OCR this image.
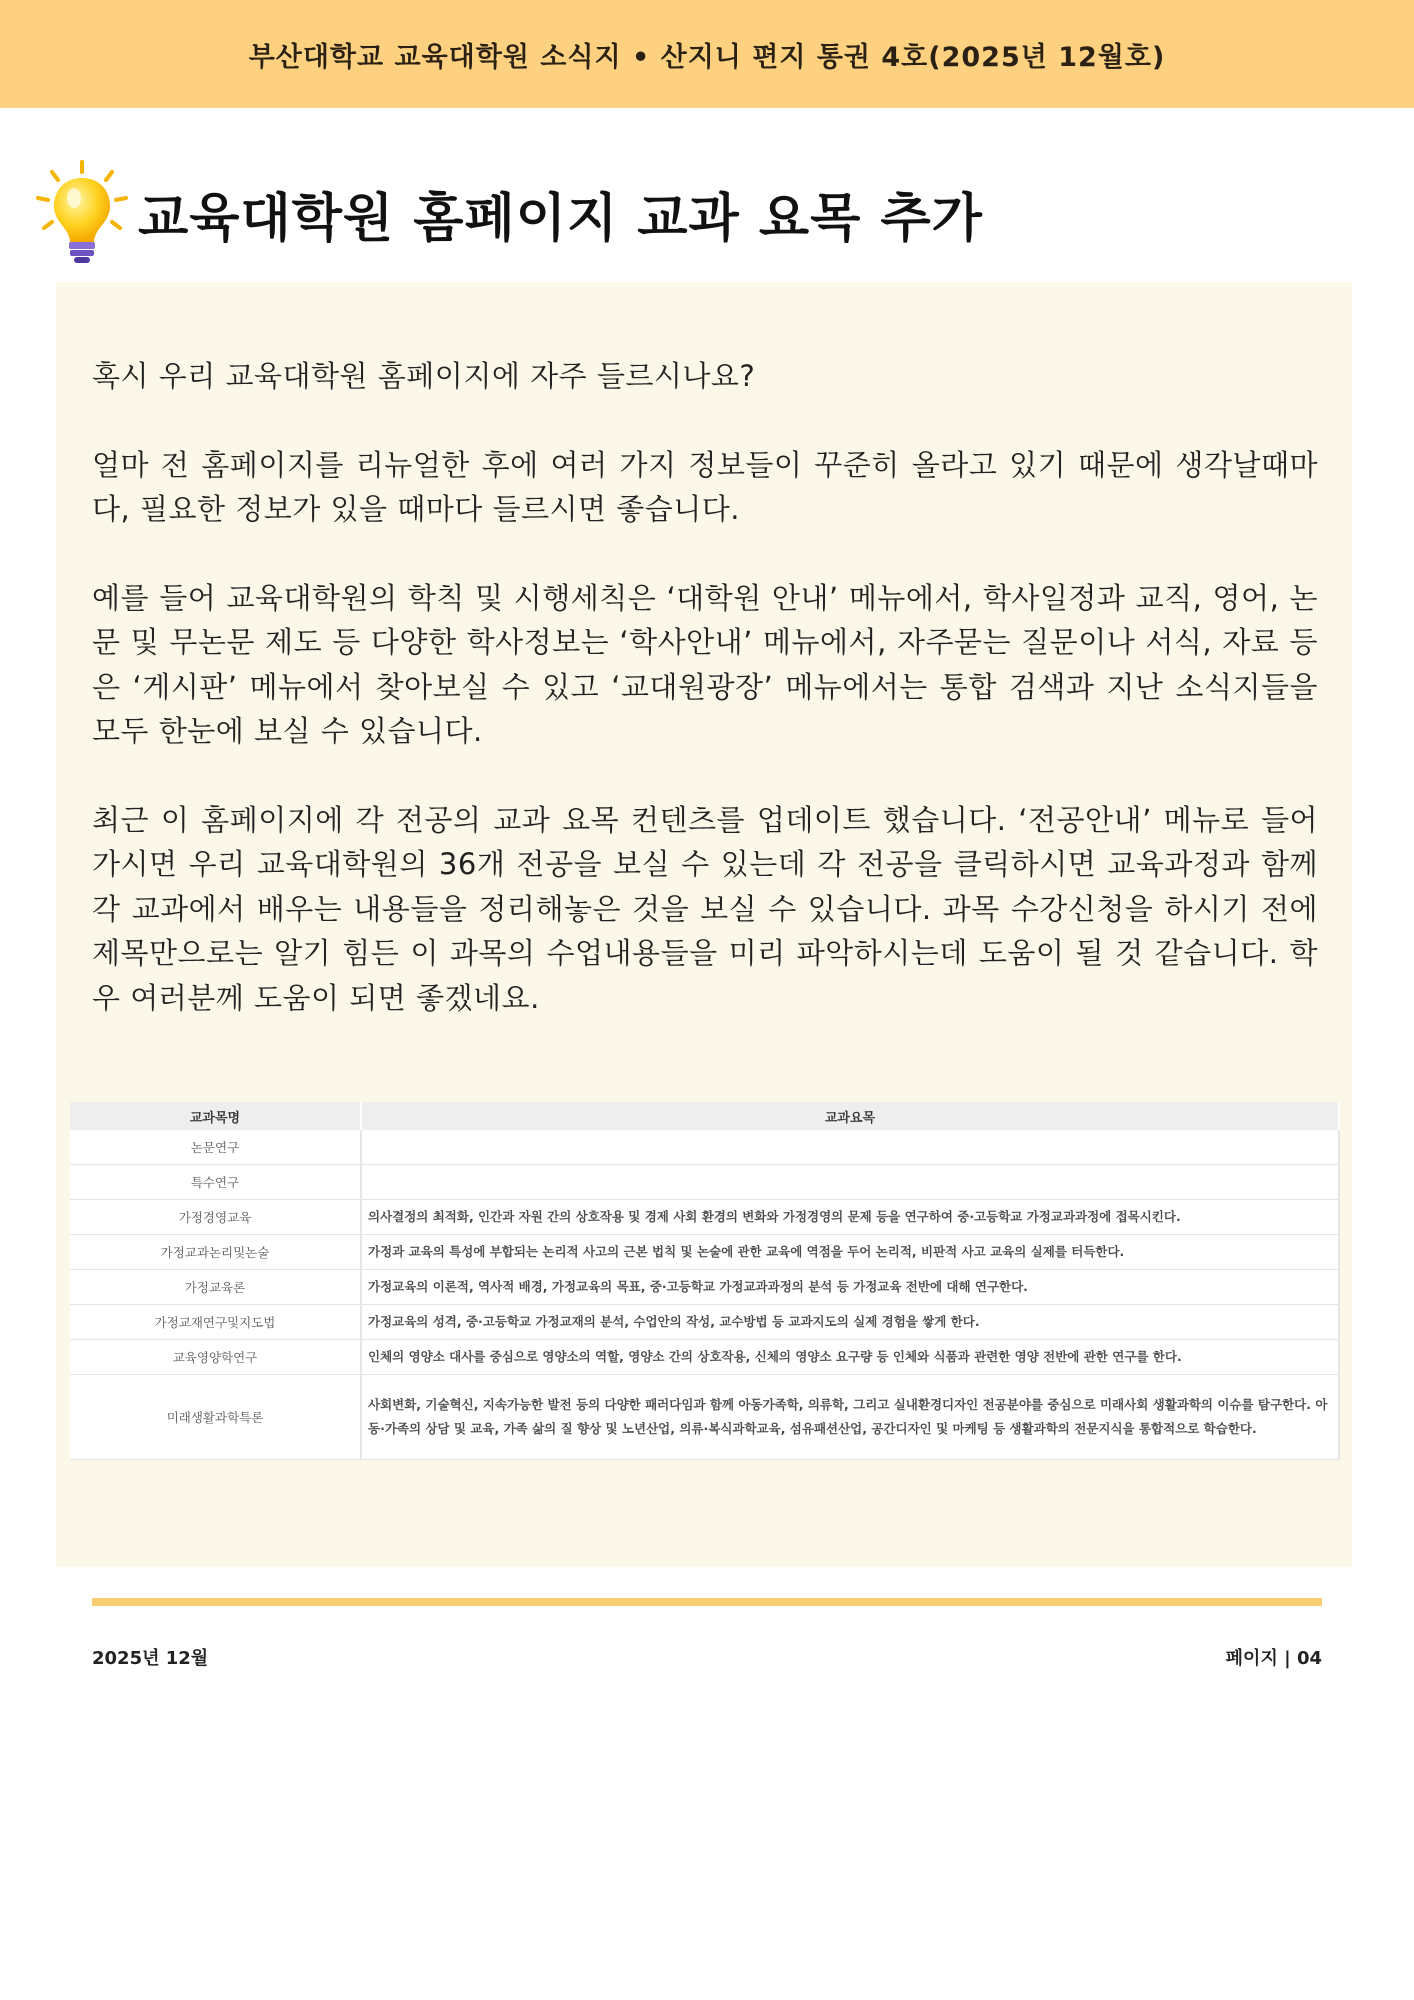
부산대학교 교육대학원 소식지 • 산지니 편지 통권 4호(2025년 12월호)
교육대학원 홈페이지 교과 요목 추가

혹시 우리 교육대학원 홈페이지에 자주 들르시나요?

얼마 전 홈페이지를 리뉴얼한 후에 여러 가지 정보들이 꾸준히 올라고 있기 때문에 생각날때마다, 필요한 정보가 있을 때마다 들르시면 좋습니다.

예를 들어 교육대학원의 학칙 및 시행세칙은 ‘대학원 안내’ 메뉴에서, 학사일정과 교직, 영어, 논문 및 무논문 제도 등 다양한 학사정보는 ‘학사안내’ 메뉴에서, 자주묻는 질문이나 서식, 자료 등은 ‘게시판’ 메뉴에서 찾아보실 수 있고 ‘교대원광장’ 메뉴에서는 통합 검색과 지난 소식지들을 모두 한눈에 보실 수 있습니다.

최근 이 홈페이지에 각 전공의 교과 요목 컨텐츠를 업데이트 했습니다. ‘전공안내’ 메뉴로 들어가시면 우리 교육대학원의 36개 전공을 보실 수 있는데 각 전공을 클릭하시면 교육과정과 함께 각 교과에서 배우는 내용들을 정리해놓은 것을 보실 수 있습니다. 과목 수강신청을 하시기 전에 제목만으로는 알기 힘든 이 과목의 수업내용들을 미리 파악하시는데 도움이 될 것 같습니다. 학우 여러분께 도움이 되면 좋겠네요.

교과목명	교과요목
논문연구	
특수연구	
가정경영교육	의사결정의 최적화, 인간과 자원 간의 상호작용 및 경제 사회 환경의 변화와 가정경영의 문제 등을 연구하여 중·고등학교 가정교과과정에 접목시킨다.
가정교과논리및논술	가정과 교육의 특성에 부합되는 논리적 사고의 근본 법칙 및 논술에 관한 교육에 역점을 두어 논리적, 비판적 사고 교육의 실제를 터득한다.
가정교육론	가정교육의 이론적, 역사적 배경, 가정교육의 목표, 중·고등학교 가정교과과정의 분석 등 가정교육 전반에 대해 연구한다.
가정교재연구및지도법	가정교육의 성격, 중·고등학교 가정교재의 분석, 수업안의 작성, 교수방법 등 교과지도의 실제 경험을 쌓게 한다.
교육영양학연구	인체의 영양소 대사를 중심으로 영양소의 역할, 영양소 간의 상호작용, 신체의 영양소 요구량 등 인체와 식품과 관련한 영양 전반에 관한 연구를 한다.
미래생활과학특론	사회변화, 기술혁신, 지속가능한 발전 등의 다양한 패러다임과 함께 아동가족학, 의류학, 그리고 실내환경디자인 전공분야를 중심으로 미래사회 생활과학의 이슈를 탐구한다. 아동·가족의 상담 및 교육, 가족 삶의 질 향상 및 노년산업, 의류·복식과학교육, 섬유패션산업, 공간디자인 및 마케팅 등 생활과학의 전문지식을 통합적으로 학습한다.
2025년 12월	페이지 | 04
